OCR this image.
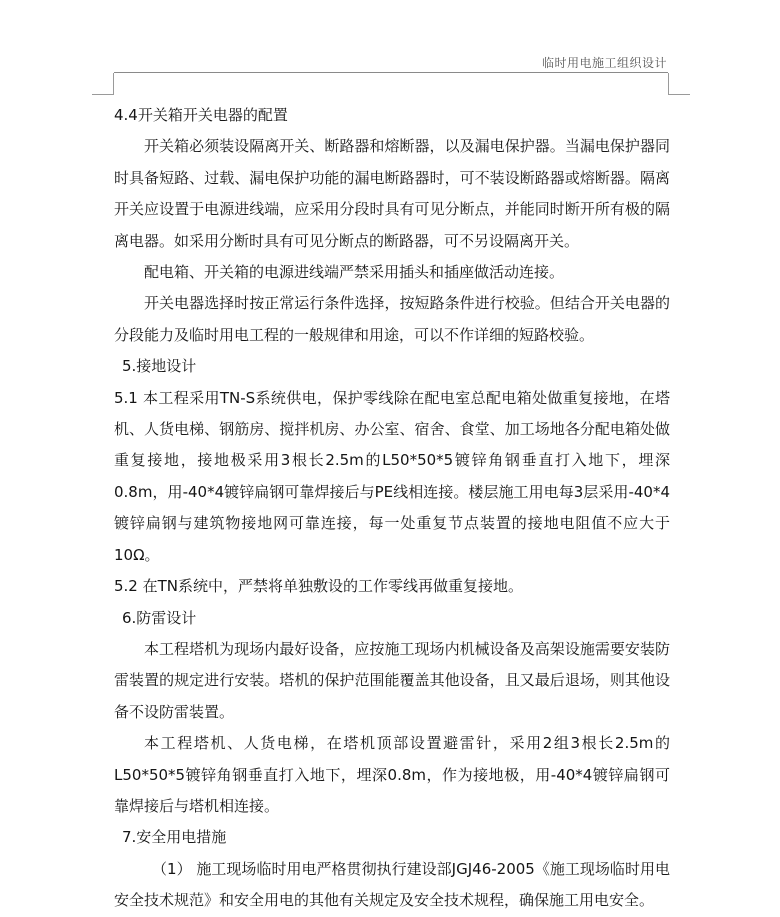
临时用电施工组织设计

4.4开关箱开关电器的配置

开关箱必须装设隔离开关、断路器和熔断器，以及漏电保护器。当漏电保护器同时具备短路、过载、漏电保护功能的漏电断路器时，可不装设断路器或熔断器。隔离开关应设置于电源进线端，应采用分段时具有可见分断点，并能同时断开所有极的隔离电器。如采用分断时具有可见分断点的断路器，可不另设隔离开关。

配电箱、开关箱的电源进线端严禁采用插头和插座做活动连接。

开关电器选择时按正常运行条件选择，按短路条件进行校验。但结合开关电器的分段能力及临时用电工程的一般规律和用途，可以不作详细的短路校验。

5.接地设计

5.1 本工程采用TN-S系统供电，保护零线除在配电室总配电箱处做重复接地，在塔机、人货电梯、钢筋房、搅拌机房、办公室、宿舍、食堂、加工场地各分配电箱处做重复接地，接地极采用3根长2.5m的L50*50*5镀锌角钢垂直打入地下，埋深0.8m，用-40*4镀锌扁钢可靠焊接后与PE线相连接。楼层施工用电每3层采用-40*4镀锌扁钢与建筑物接地网可靠连接，每一处重复节点装置的接地电阻值不应大于10Ω。

5.2 在TN系统中，严禁将单独敷设的工作零线再做重复接地。

6.防雷设计

本工程塔机为现场内最好设备，应按施工现场内机械设备及高架设施需要安装防雷装置的规定进行安装。塔机的保护范围能覆盖其他设备，且又最后退场，则其他设备不设防雷装置。

本工程塔机、人货电梯，在塔机顶部设置避雷针，采用2组3根长2.5m的L50*50*5镀锌角钢垂直打入地下，埋深0.8m，作为接地极，用-40*4镀锌扁钢可靠焊接后与塔机相连接。

7.安全用电措施

（1） 施工现场临时用电严格贯彻执行建设部JGJ46-2005《施工现场临时用电安全技术规范》和安全用电的其他有关规定及安全技术规程，确保施工用电安全。
